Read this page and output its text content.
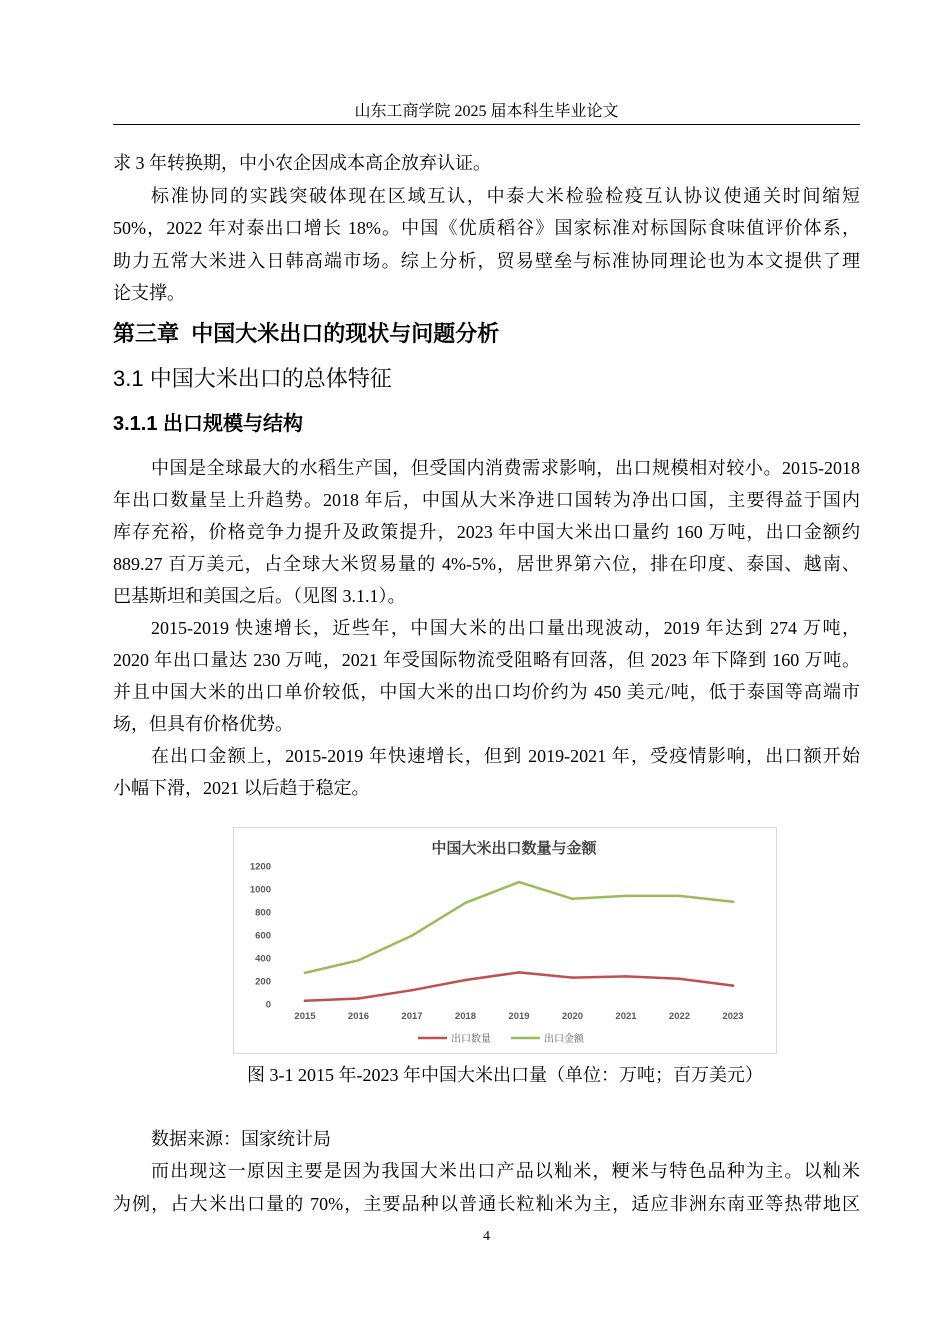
山东工商学院 2025 届本科生毕业论文
求 3 年转换期，中小农企因成本高企放弃认证。
标准协同的实践突破体现在区域互认，中泰大米检验检疫互认协议使通关时间缩短
50%，2022 年对泰出口增长 18%。中国《优质稻谷》国家标准对标国际食味值评价体系，
助力五常大米进入日韩高端市场。综上分析，贸易壁垒与标准协同理论也为本文提供了理
论支撑。
第三章  中国大米出口的现状与问题分析
3.1 中国大米出口的总体特征
3.1.1 出口规模与结构
中国是全球最大的水稻生产国，但受国内消费需求影响，出口规模相对较小。2015-2018
年出口数量呈上升趋势。2018 年后，中国从大米净进口国转为净出口国，主要得益于国内
库存充裕，价格竞争力提升及政策提升，2023 年中国大米出口量约 160 万吨，出口金额约
889.27 百万美元，占全球大米贸易量的 4%-5%，居世界第六位，排在印度、泰国、越南、
巴基斯坦和美国之后。（见图 3.1.1）。
2015-2019 快速增长，近些年，中国大米的出口量出现波动，2019 年达到 274 万吨，
2020 年出口量达 230 万吨，2021 年受国际物流受阻略有回落，但 2023 年下降到 160 万吨。
并且中国大米的出口单价较低，中国大米的出口均价约为 450 美元/吨，低于泰国等高端市
场，但具有价格优势。
在出口金额上，2015-2019 年快速增长，但到 2019-2021 年，受疫情影响，出口额开始
小幅下滑，2021 以后趋于稳定。
中国大米出口数量与金额
0
200
400
600
800
1000
1200
2015	2016	2017	2018	2019	2020	2021	2022	2023
出口数量	出口金额
图 3-1 2015 年-2023 年中国大米出口量（单位：万吨；百万美元）
数据来源：国家统计局
而出现这一原因主要是因为我国大米出口产品以籼米，粳米与特色品种为主。以籼米
为例，占大米出口量的 70%，主要品种以普通长粒籼米为主，适应非洲东南亚等热带地区
4
